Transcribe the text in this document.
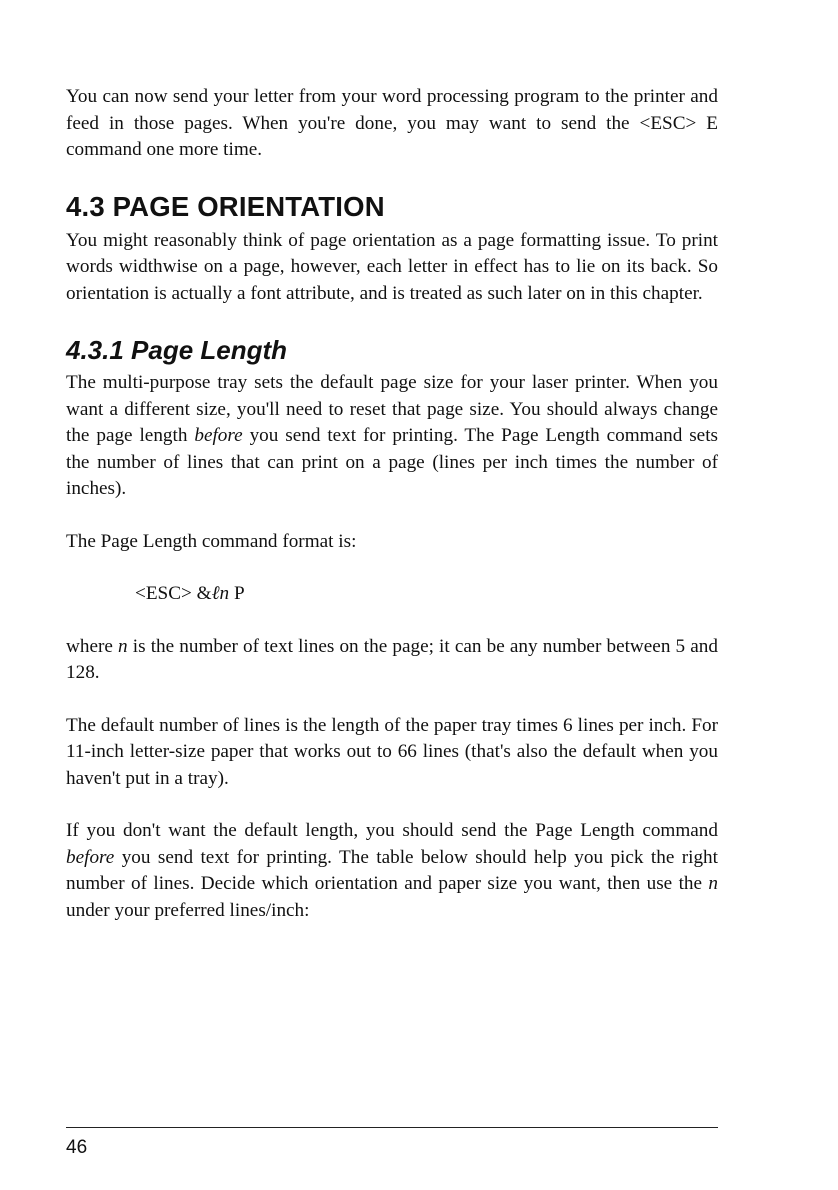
You can now send your letter from your word processing program to the printer and feed in those pages. When you're done, you may want to send the <ESC> E command one more time.

4.3 PAGE ORIENTATION

You might reasonably think of page orientation as a page formatting issue. To print words widthwise on a page, however, each letter in effect has to lie on its back. So orientation is actually a font attribute, and is treated as such later on in this chapter.

4.3.1 Page Length

The multi-purpose tray sets the default page size for your laser printer. When you want a different size, you'll need to reset that page size. You should always change the page length before you send text for printing. The Page Length command sets the number of lines that can print on a page (lines per inch times the number of inches).

The Page Length command format is:

<ESC> &ℓn P

where n is the number of text lines on the page; it can be any number between 5 and 128.

The default number of lines is the length of the paper tray times 6 lines per inch. For 11-inch letter-size paper that works out to 66 lines (that's also the default when you haven't put in a tray).

If you don't want the default length, you should send the Page Length command before you send text for printing. The table below should help you pick the right number of lines. Decide which orientation and paper size you want, then use the n under your preferred lines/inch:

46
